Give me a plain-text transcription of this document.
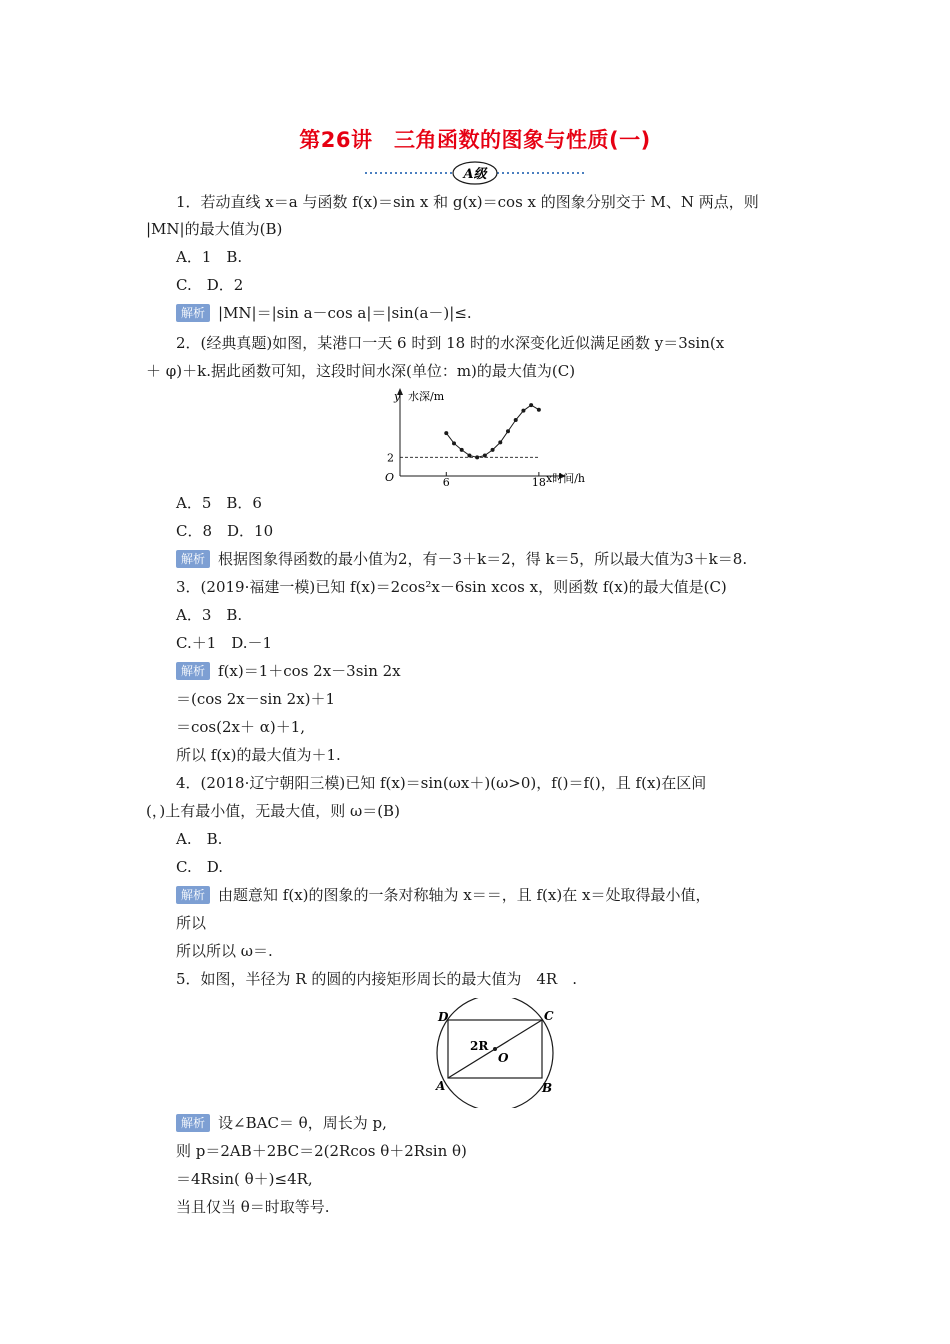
第26讲　三角函数的图象与性质(一)
A级
1．若动直线 x＝a 与函数 f(x)＝sin x 和 g(x)＝cos x 的图象分别交于 M、N 两点，则
|MN|的最大值为(B)
A．1　B.
C.　D．2
解析 |MN|＝|sin a－cos a|＝|sin(a－)|≤.
2．(经典真题)如图，某港口一天 6 时到 18 时的水深变化近似满足函数 y＝3sin(x
＋ φ)＋k.据此函数可知，这段时间水深(单位：m)的最大值为(C)
y 水深/m
x时间/h
O
2
6	18
A．5　B．6
C．8　D．10
解析 根据图象得函数的最小值为2，有－3＋k＝2，得 k＝5，所以最大值为3＋k＝8.
3．(2019·福建一模)已知 f(x)＝2cos²x－6sin xcos x，则函数 f(x)的最大值是(C)
A．3　B.
C.＋1　D.－1
解析 f(x)＝1＋cos 2x－3sin 2x
＝(cos 2x－sin 2x)＋1
＝cos(2x＋ α)＋1,
所以 f(x)的最大值为＋1.
4．(2018·辽宁朝阳三模)已知 f(x)＝sin(ωx＋)(ω>0)，f()＝f()，且 f(x)在区间
(，)上有最小值，无最大值，则 ω＝(B)
A.　B.
C.　D.
解析 由题意知 f(x)的图象的一条对称轴为 x＝＝，且 f(x)在 x＝处取得最小值，
所以
所以所以 ω＝.
5．如图，半径为 R 的圆的内接矩形周长的最大值为　4R　.
D	C
A	B
O
2R
解析 设∠BAC＝ θ，周长为 p,
则 p＝2AB＋2BC＝2(2Rcos θ＋2Rsin θ)
＝4Rsin( θ＋)≤4R,
当且仅当 θ＝时取等号.
